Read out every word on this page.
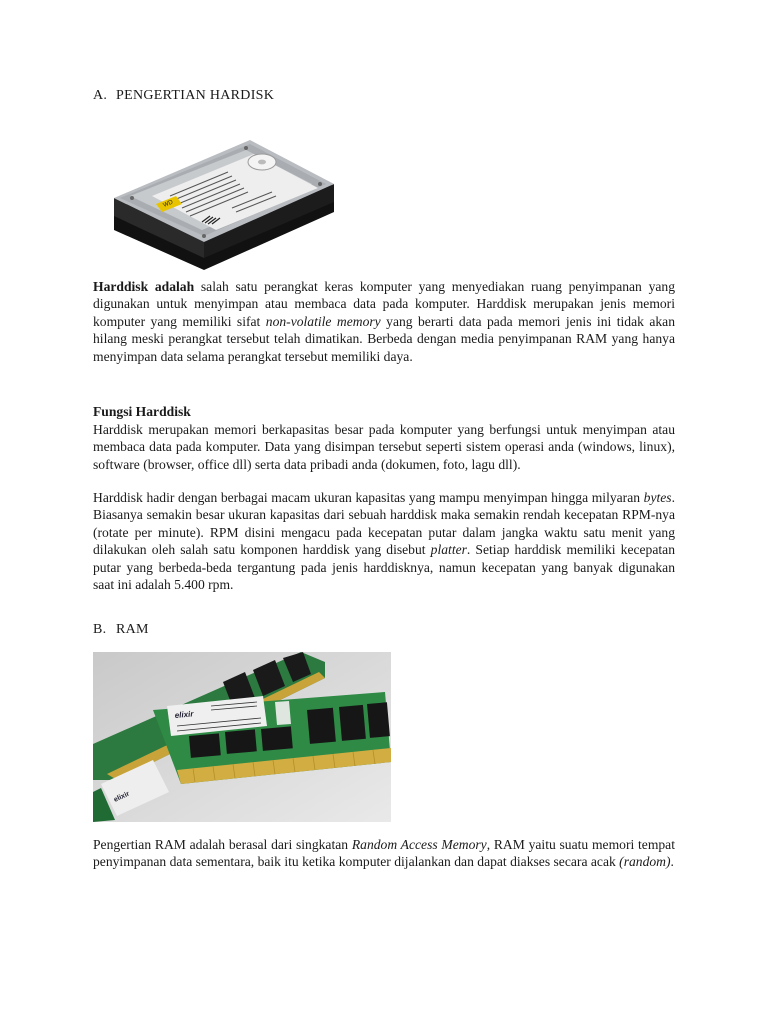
A. PENGERTIAN HARDISK
WD

Harddisk adalah salah satu perangkat keras komputer yang menyediakan ruang penyimpanan yang digunakan untuk menyimpan atau membaca data pada komputer. Harddisk merupakan jenis memori komputer yang memiliki sifat non-volatile memory yang berarti data pada memori jenis ini tidak akan hilang meski perangkat tersebut telah dimatikan. Berbeda dengan media penyimpanan RAM yang hanya menyimpan data selama perangkat tersebut memiliki daya.

Fungsi Harddisk

Harddisk merupakan memori berkapasitas besar pada komputer yang berfungsi untuk menyimpan atau membaca data pada komputer. Data yang disimpan tersebut seperti sistem operasi anda (windows, linux), software (browser, office dll) serta data pribadi anda (dokumen, foto, lagu dll).

Harddisk hadir dengan berbagai macam ukuran kapasitas yang mampu menyimpan hingga milyaran bytes. Biasanya semakin besar ukuran kapasitas dari sebuah harddisk maka semakin rendah kecepatan RPM-nya (rotate per minute). RPM disini mengacu pada kecepatan putar dalam jangka waktu satu menit yang dilakukan oleh salah satu komponen harddisk yang disebut platter. Setiap harddisk memiliki kecepatan putar yang berbeda-beda tergantung pada jenis harddisknya, namun kecepatan yang banyak digunakan saat ini adalah 5.400 rpm.

B. RAM
elixir
elixir

Pengertian RAM adalah berasal dari singkatan Random Access Memory, RAM yaitu suatu memori tempat penyimpanan data sementara, baik itu ketika komputer dijalankan dan dapat diakses secara acak (random).
